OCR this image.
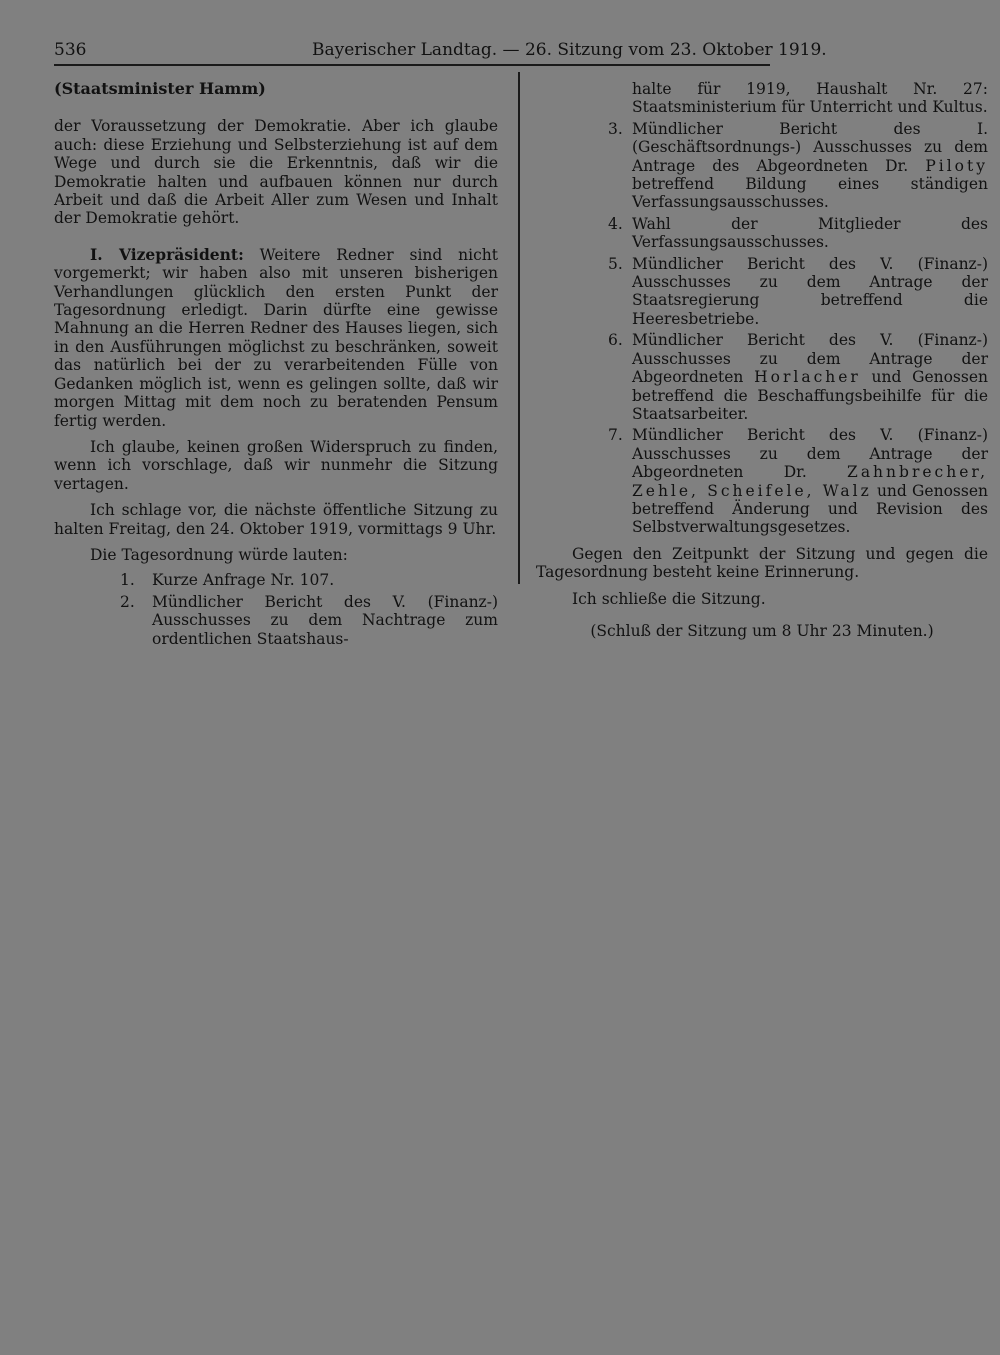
536	Bayerischer Landtag. — 26. Sitzung vom 23. Oktober 1919.

(Staatsminister Hamm)

der Voraussetzung der Demokratie. Aber ich glaube auch: diese Erziehung und Selbsterziehung ist auf dem Wege und durch sie die Erkenntnis, daß wir die Demokratie halten und aufbauen können nur durch Arbeit und daß die Arbeit Aller zum Wesen und Inhalt der Demokratie gehört.

I. Vizepräsident: Weitere Redner sind nicht vorgemerkt; wir haben also mit unseren bisherigen Verhandlungen glücklich den ersten Punkt der Tagesordnung erledigt. Darin dürfte eine gewisse Mahnung an die Herren Redner des Hauses liegen, sich in den Ausführungen möglichst zu beschränken, soweit das natürlich bei der zu verarbeitenden Fülle von Gedanken möglich ist, wenn es gelingen sollte, daß wir morgen Mittag mit dem noch zu beratenden Pensum fertig werden.

Ich glaube, keinen großen Widerspruch zu finden, wenn ich vorschlage, daß wir nunmehr die Sitzung vertagen.

Ich schlage vor, die nächste öffentliche Sitzung zu halten Freitag, den 24. Oktober 1919, vormittags 9 Uhr.

Die Tagesordnung würde lauten:

1. Kurze Anfrage Nr. 107.
2. Mündlicher Bericht des V. (Finanz-) Ausschusses zu dem Nachtrage zum ordentlichen Staatshaus-

halte für 1919, Haushalt Nr. 27: Staatsministerium für Unterricht und Kultus.

3. Mündlicher Bericht des I. (Geschäftsordnungs-) Ausschusses zu dem Antrage des Abgeordneten Dr. Piloty betreffend Bildung eines ständigen Verfassungsausschusses.
4. Wahl der Mitglieder des Verfassungsausschusses.
5. Mündlicher Bericht des V. (Finanz-) Ausschusses zu dem Antrage der Staatsregierung betreffend die Heeresbetriebe.
6. Mündlicher Bericht des V. (Finanz-) Ausschusses zu dem Antrage der Abgeordneten Horlacher und Genossen betreffend die Beschaffungsbeihilfe für die Staatsarbeiter.
7. Mündlicher Bericht des V. (Finanz-) Ausschusses zu dem Antrage der Abgeordneten Dr. Zahnbrecher, Zehle, Scheifele, Walz und Genossen betreffend Änderung und Revision des Selbstverwaltungsgesetzes.

Gegen den Zeitpunkt der Sitzung und gegen die Tagesordnung besteht keine Erinnerung.

Ich schließe die Sitzung.

(Schluß der Sitzung um 8 Uhr 23 Minuten.)
